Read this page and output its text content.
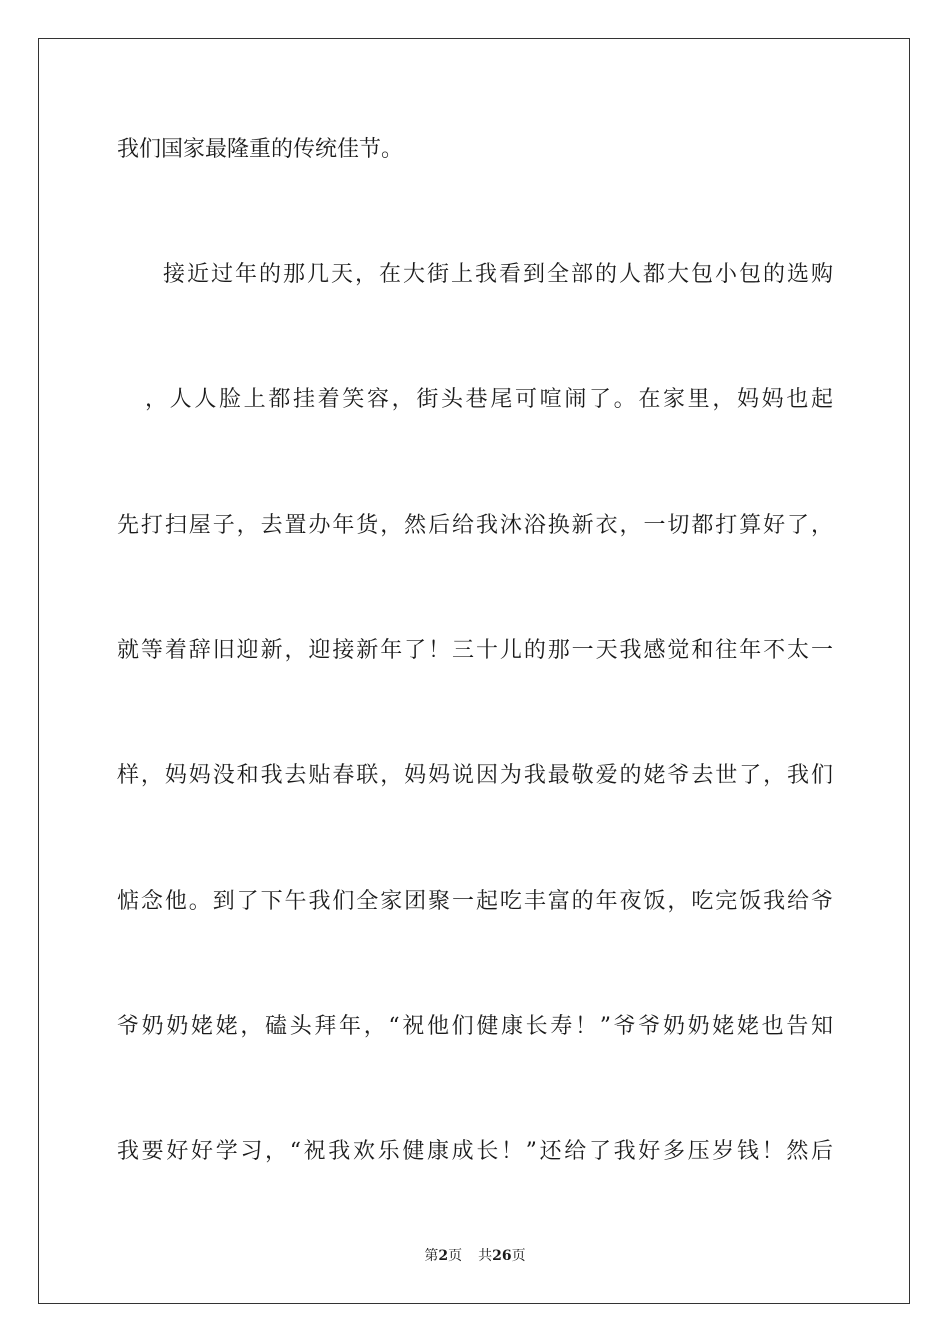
我们国家最隆重的传统佳节。
接近过年的那几天，在大街上我看到全部的人都大包小包的选购
，人人脸上都挂着笑容，街头巷尾可喧闹了。在家里，妈妈也起
先打扫屋子，去置办年货，然后给我沐浴换新衣，一切都打算好了，
就等着辞旧迎新，迎接新年了！三十儿的那一天我感觉和往年不太一
样，妈妈没和我去贴春联，妈妈说因为我最敬爱的姥爷去世了，我们
惦念他。到了下午我们全家团聚一起吃丰富的年夜饭，吃完饭我给爷
爷奶奶姥姥，磕头拜年，“祝他们健康长寿！”爷爷奶奶姥姥也告知
我要好好学习，“祝我欢乐健康成长！”还给了我好多压岁钱！然后
第2页 共26页
